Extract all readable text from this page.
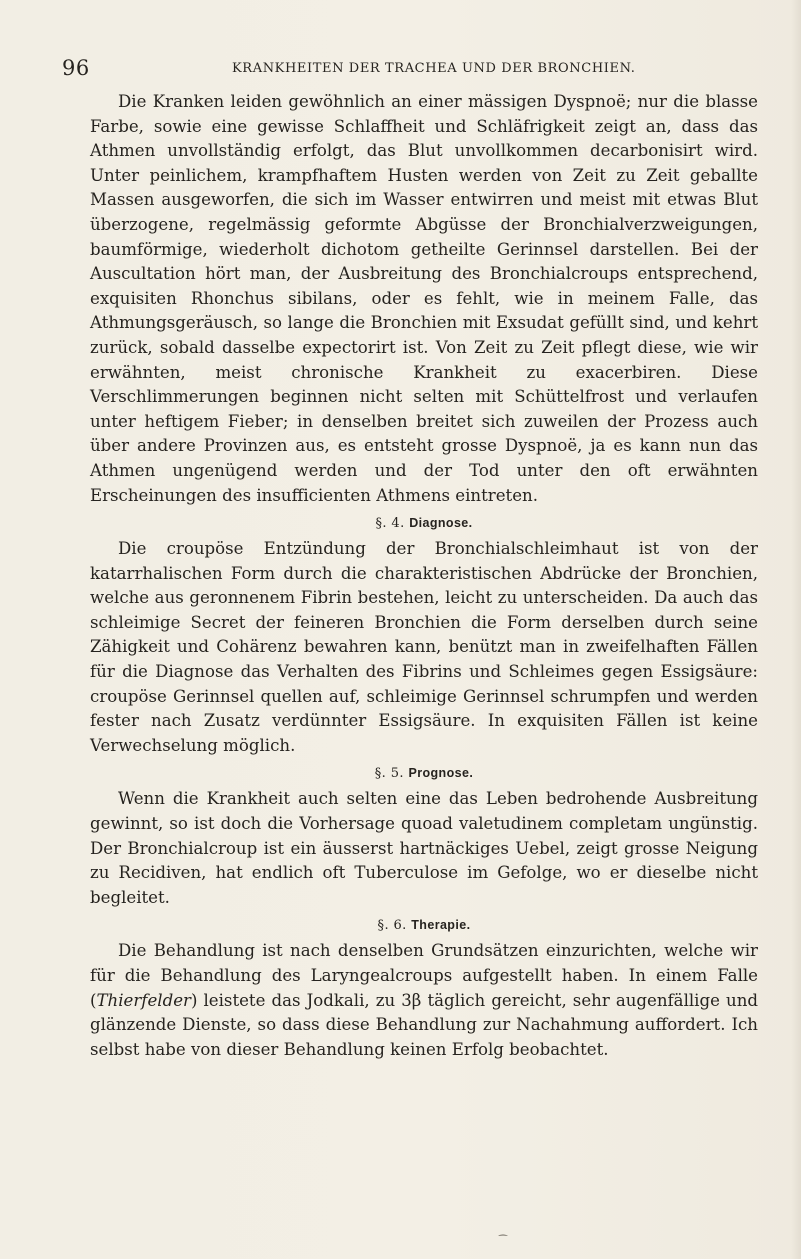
96	KRANKHEITEN DER TRACHEA UND DER BRONCHIEN.

Die Kranken leiden gewöhnlich an einer mässigen Dyspnoë; nur die blasse Farbe, sowie eine gewisse Schlaffheit und Schläfrigkeit zeigt an, dass das Athmen unvollständig erfolgt, das Blut unvollkommen decarbonisirt wird. Unter peinlichem, krampfhaftem Husten werden von Zeit zu Zeit geballte Massen ausgeworfen, die sich im Wasser entwirren und meist mit etwas Blut überzogene, regelmässig geformte Abgüsse der Bronchialverzweigungen, baumförmige, wiederholt dichotom getheilte Gerinnsel darstellen. Bei der Auscultation hört man, der Ausbreitung des Bronchialcroups entsprechend, exquisiten Rhonchus sibilans, oder es fehlt, wie in meinem Falle, das Athmungsgeräusch, so lange die Bronchien mit Exsudat gefüllt sind, und kehrt zurück, sobald dasselbe expectorirt ist. Von Zeit zu Zeit pflegt diese, wie wir erwähnten, meist chronische Krankheit zu exacerbiren. Diese Verschlimmerungen beginnen nicht selten mit Schüttelfrost und verlaufen unter heftigem Fieber; in denselben breitet sich zuweilen der Prozess auch über andere Provinzen aus, es entsteht grosse Dyspnoë, ja es kann nun das Athmen ungenügend werden und der Tod unter den oft erwähnten Erscheinungen des insufficienten Athmens eintreten.

§. 4. Diagnose.

Die croupöse Entzündung der Bronchialschleimhaut ist von der katarrhalischen Form durch die charakteristischen Abdrücke der Bronchien, welche aus geronnenem Fibrin bestehen, leicht zu unterscheiden. Da auch das schleimige Secret der feineren Bronchien die Form derselben durch seine Zähigkeit und Cohärenz bewahren kann, benützt man in zweifelhaften Fällen für die Diagnose das Verhalten des Fibrins und Schleimes gegen Essigsäure: croupöse Gerinnsel quellen auf, schleimige Gerinnsel schrumpfen und werden fester nach Zusatz verdünnter Essigsäure. In exquisiten Fällen ist keine Verwechselung möglich.

§. 5. Prognose.

Wenn die Krankheit auch selten eine das Leben bedrohende Ausbreitung gewinnt, so ist doch die Vorhersage quoad valetudinem completam ungünstig. Der Bronchialcroup ist ein äusserst hartnäckiges Uebel, zeigt grosse Neigung zu Recidiven, hat endlich oft Tuberculose im Gefolge, wo er dieselbe nicht begleitet.

§. 6. Therapie.

Die Behandlung ist nach denselben Grundsätzen einzurichten, welche wir für die Behandlung des Laryngealcroups aufgestellt haben. In einem Falle (Thierfelder) leistete das Jodkali, zu 3β täglich gereicht, sehr augenfällige und glänzende Dienste, so dass diese Behandlung zur Nachahmung auffordert. Ich selbst habe von dieser Behandlung keinen Erfolg beobachtet.

⁀
